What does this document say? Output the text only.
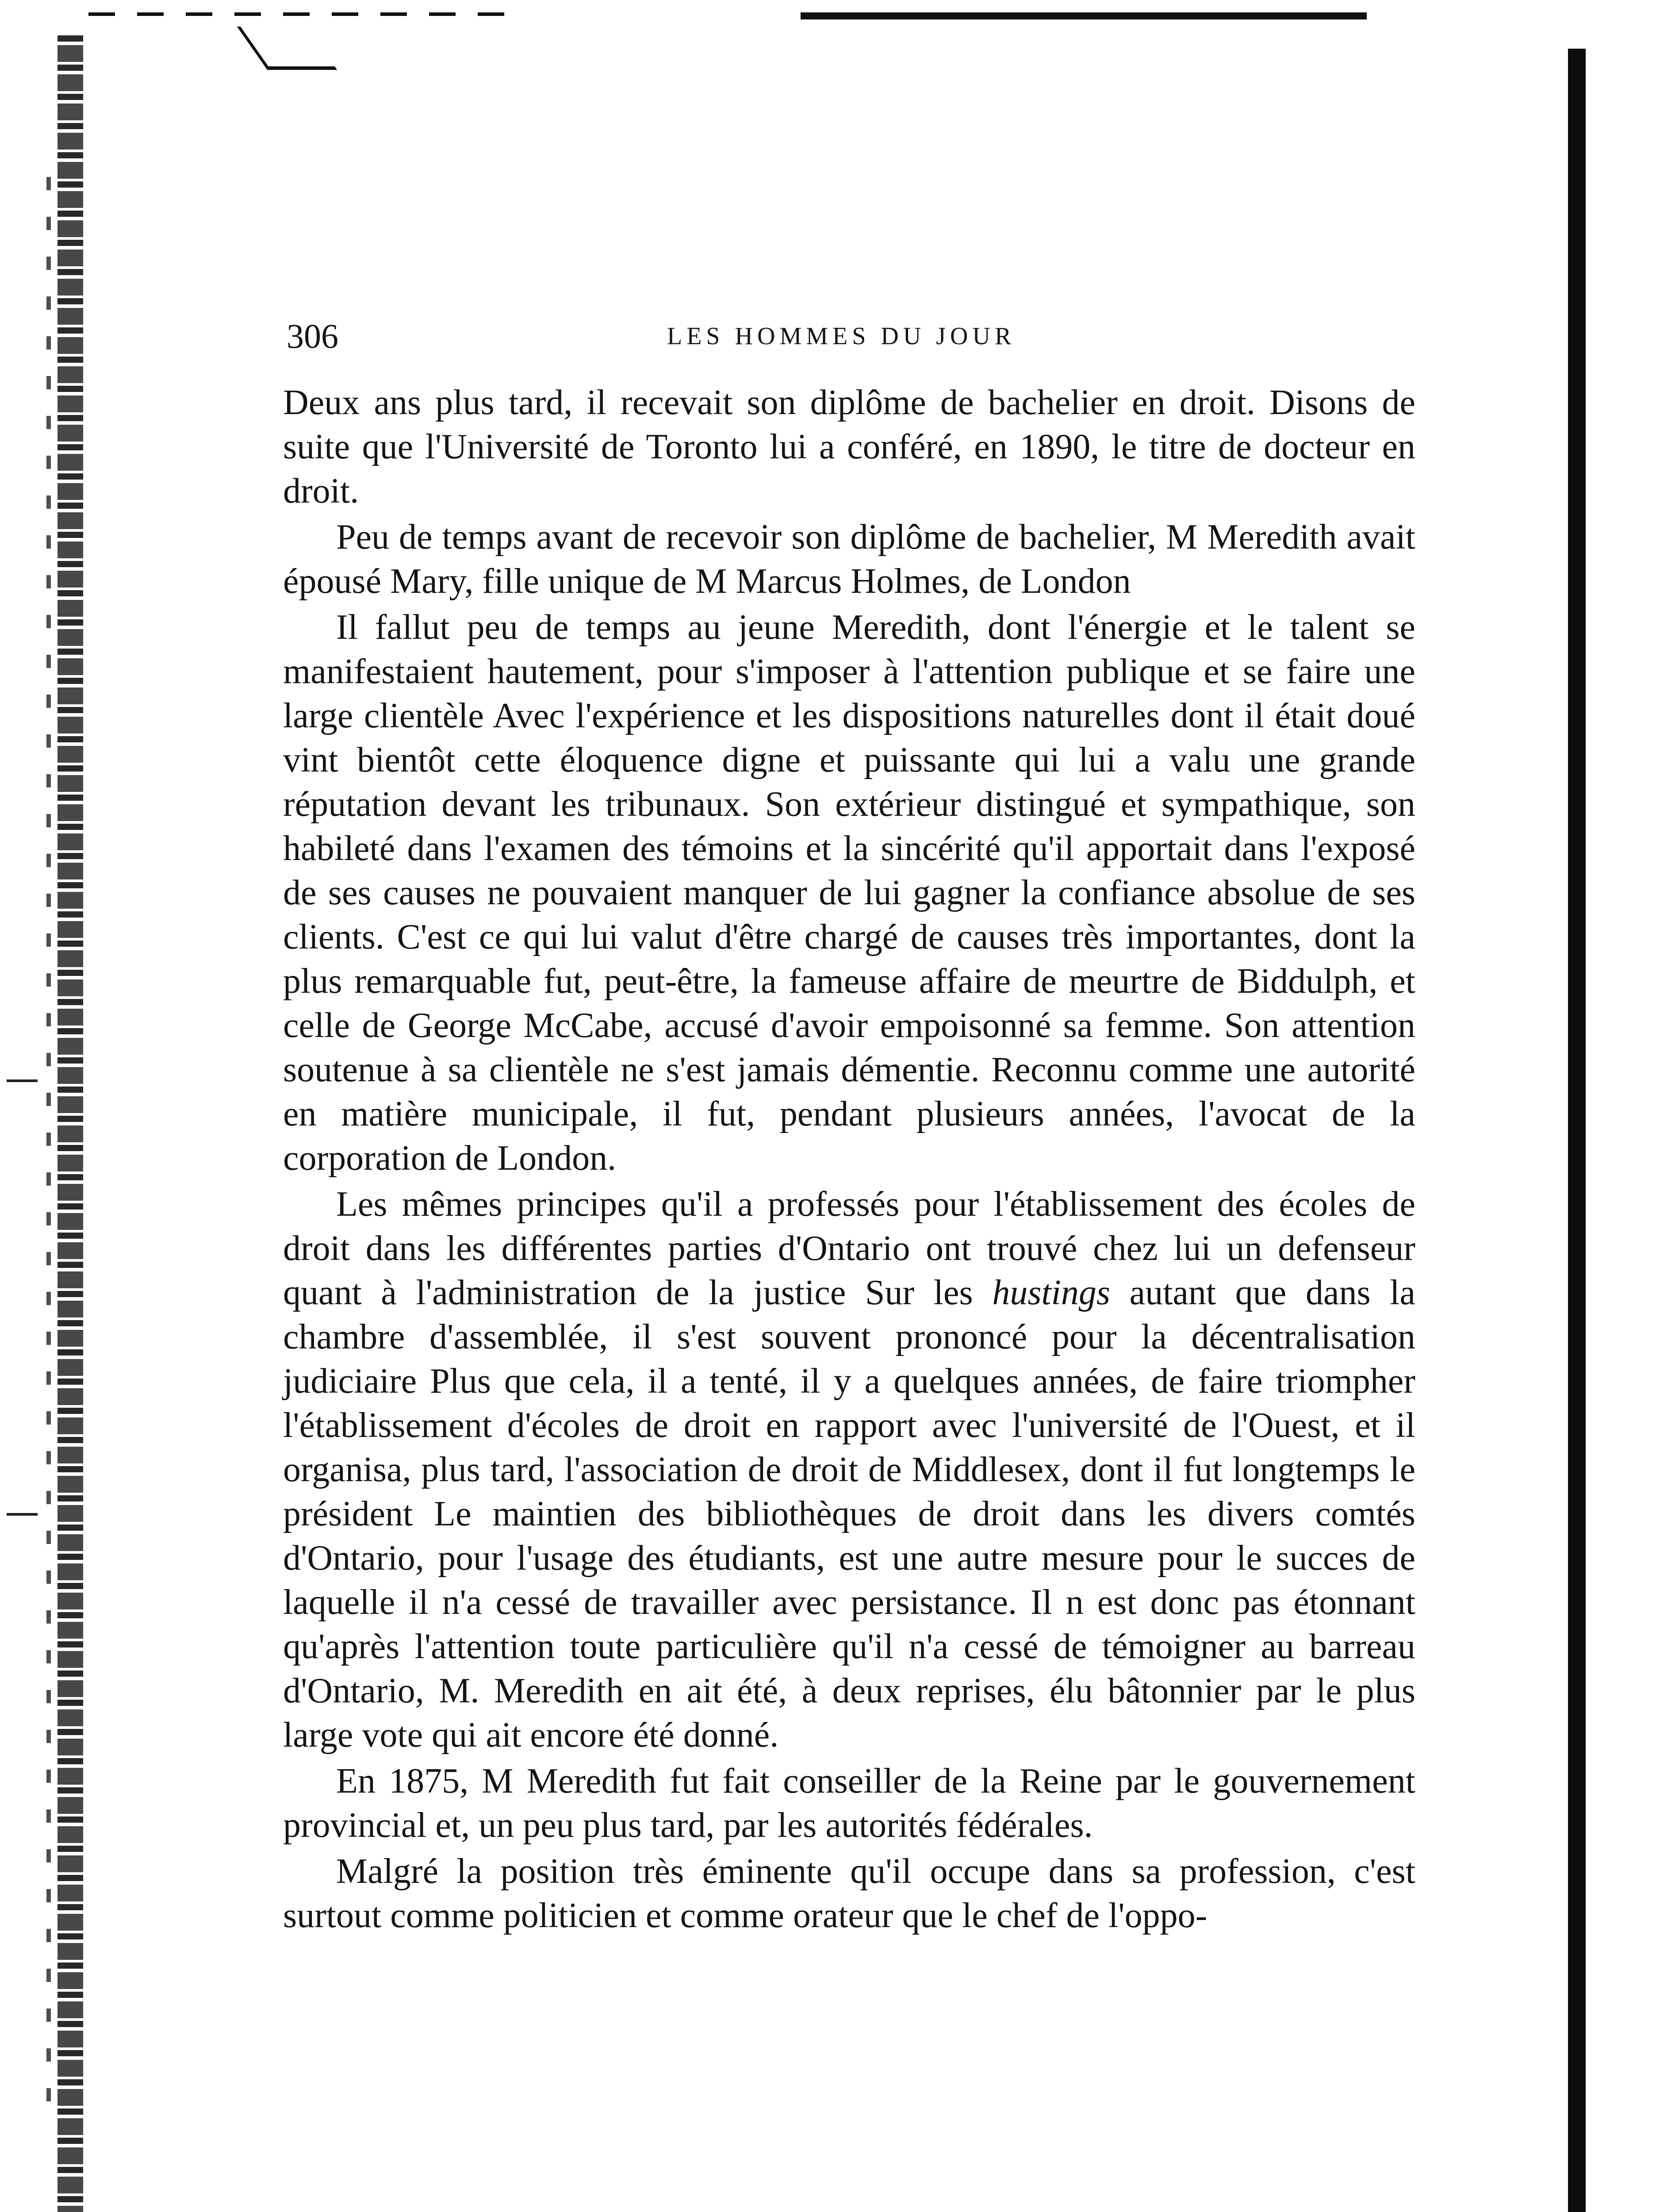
306	LES HOMMES DU JOUR

Deux ans plus tard, il recevait son diplôme de bachelier en droit. Disons de suite que l'Université de Toronto lui a conféré, en 1890, le titre de docteur en droit.

Peu de temps avant de recevoir son diplôme de bachelier, M Meredith avait épousé Mary, fille unique de M Marcus Holmes, de London

Il fallut peu de temps au jeune Meredith, dont l'énergie et le talent se manifestaient hautement, pour s'imposer à l'attention publique et se faire une large clientèle Avec l'expérience et les dispositions naturelles dont il était doué vint bientôt cette éloquence digne et puissante qui lui a valu une grande réputation devant les tribunaux. Son extérieur distingué et sympathique, son habileté dans l'examen des témoins et la sincérité qu'il apportait dans l'exposé de ses causes ne pouvaient manquer de lui gagner la confiance absolue de ses clients. C'est ce qui lui valut d'être chargé de causes très importantes, dont la plus remarquable fut, peut-être, la fameuse affaire de meurtre de Biddulph, et celle de George McCabe, accusé d'avoir empoisonné sa femme. Son attention soutenue à sa clientèle ne s'est jamais démentie. Reconnu comme une autorité en matière municipale, il fut, pendant plusieurs années, l'avocat de la corporation de London.

Les mêmes principes qu'il a professés pour l'établissement des écoles de droit dans les différentes parties d'Ontario ont trouvé chez lui un defenseur quant à l'administration de la justice Sur les hustings autant que dans la chambre d'assemblée, il s'est souvent prononcé pour la décentralisation judiciaire Plus que cela, il a tenté, il y a quelques années, de faire triompher l'établissement d'écoles de droit en rapport avec l'université de l'Ouest, et il organisa, plus tard, l'association de droit de Middlesex, dont il fut longtemps le président Le maintien des bibliothèques de droit dans les divers comtés d'Ontario, pour l'usage des étudiants, est une autre mesure pour le succes de laquelle il n'a cessé de travailler avec persistance. Il n est donc pas étonnant qu'après l'attention toute particulière qu'il n'a cessé de témoigner au barreau d'Ontario, M. Meredith en ait été, à deux reprises, élu bâtonnier par le plus large vote qui ait encore été donné.

En 1875, M Meredith fut fait conseiller de la Reine par le gouvernement provincial et, un peu plus tard, par les autorités fédérales.

Malgré la position très éminente qu'il occupe dans sa profession, c'est surtout comme politicien et comme orateur que le chef de l'oppo-
